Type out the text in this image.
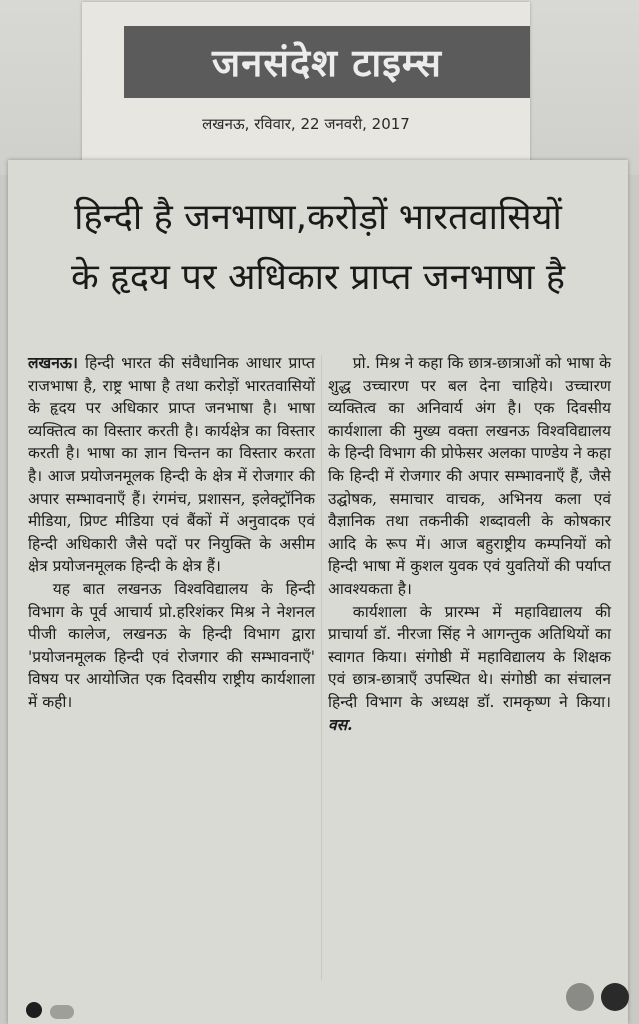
जनसंदेश टाइम्स
लखनऊ, रविवार, 22 जनवरी, 2017
हिन्दी है जनभाषा,करोड़ों भारतवासियों
के हृदय पर अधिकार प्राप्त जनभाषा है

लखनऊ। हिन्दी भारत की संवैधानिक आधार प्राप्त राजभाषा है, राष्ट्र भाषा है तथा करोड़ों भारतवासियों के हृदय पर अधिकार प्राप्त जनभाषा है। भाषा व्यक्तित्व का विस्तार करती है। कार्यक्षेत्र का विस्तार करती है। भाषा का ज्ञान चिन्तन का विस्तार करता है। आज प्रयोजनमूलक हिन्दी के क्षेत्र में रोजगार की अपार सम्भावनाएँ हैं। रंगमंच, प्रशासन, इलेक्ट्रॉनिक मीडिया, प्रिण्ट मीडिया एवं बैंकों में अनुवादक एवं हिन्दी अधिकारी जैसे पदों पर नियुक्ति के असीम क्षेत्र प्रयोजनमूलक हिन्दी के क्षेत्र हैं।

यह बात लखनऊ विश्वविद्यालय के हिन्दी विभाग के पूर्व आचार्य प्रो.हरिशंकर मिश्र ने नेशनल पीजी कालेज, लखनऊ के हिन्दी विभाग द्वारा 'प्रयोजनमूलक हिन्दी एवं रोजगार की सम्भावनाएँ' विषय पर आयोजित एक दिवसीय राष्ट्रीय कार्यशाला में कही।

प्रो. मिश्र ने कहा कि छात्र-छात्राओं को भाषा के शुद्ध उच्चारण पर बल देना चाहिये। उच्चारण व्यक्तित्व का अनिवार्य अंग है। एक दिवसीय कार्यशाला की मुख्य वक्ता लखनऊ विश्वविद्यालय के हिन्दी विभाग की प्रोफेसर अलका पाण्डेय ने कहा कि हिन्दी में रोजगार की अपार सम्भावनाएँ हैं, जैसे उद्घोषक, समाचार वाचक, अभिनय कला एवं वैज्ञानिक तथा तकनीकी शब्दावली के कोषकार आदि के रूप में। आज बहुराष्ट्रीय कम्पनियों को हिन्दी भाषा में कुशल युवक एवं युवतियों की पर्याप्त आवश्यकता है।

कार्यशाला के प्रारम्भ में महाविद्यालय की प्राचार्या डॉ. नीरजा सिंह ने आगन्तुक अतिथियों का स्वागत किया। संगोष्ठी में महाविद्यालय के शिक्षक एवं छात्र-छात्राएँ उपस्थित थे। संगोष्ठी का संचालन हिन्दी विभाग के अध्यक्ष डॉ. रामकृष्ण ने किया। वस.
